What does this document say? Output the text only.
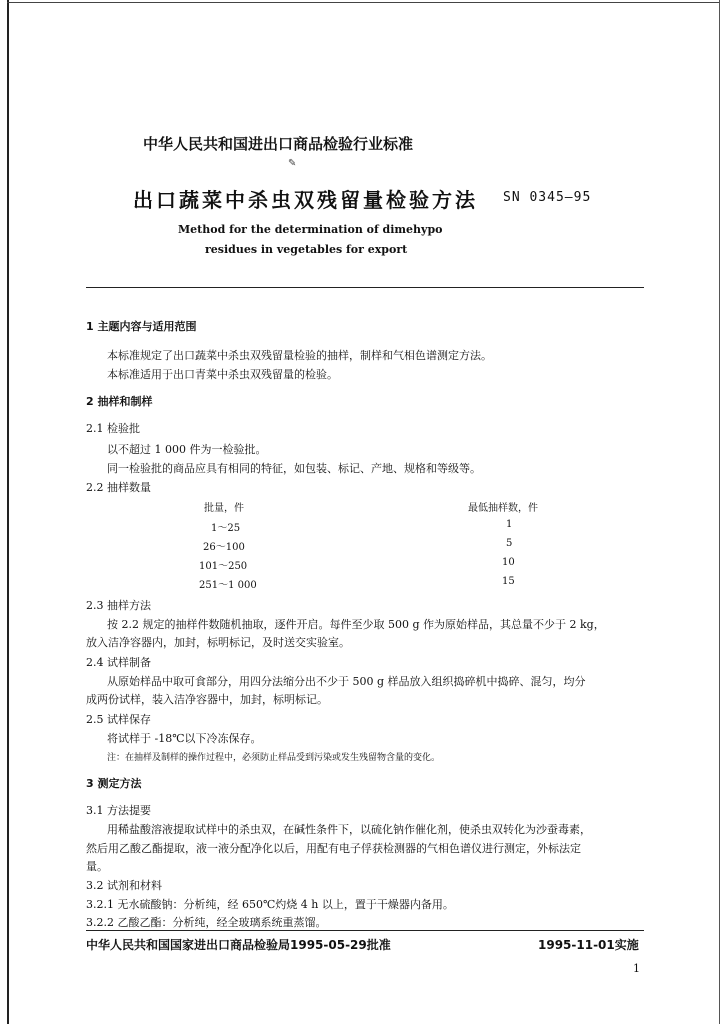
中华人民共和国进出口商品检验行业标准
✎
出口蔬菜中杀虫双残留量检验方法 SN 0345—95
Method for the determination of dimehypo
residues in vegetables for export
1 主题内容与适用范围
本标准规定了出口蔬菜中杀虫双残留量检验的抽样，制样和气相色谱测定方法。
本标准适用于出口青菜中杀虫双残留量的检验。
2 抽样和制样
2.1 检验批
以不超过 1 000 件为一检验批。
同一检验批的商品应具有相同的特征，如包装、标记、产地、规格和等级等。
2.2 抽样数量
2.3 抽样方法
按 2.2 规定的抽样件数随机抽取，逐件开启。每件至少取 500 g 作为原始样品，其总量不少于 2 kg，
放入洁净容器内，加封，标明标记，及时送交实验室。
2.4 试样制备
从原始样品中取可食部分，用四分法缩分出不少于 500 g 样品放入组织捣碎机中捣碎、混匀，均分
成两份试样，装入洁净容器中，加封，标明标记。
2.5 试样保存
将试样于 -18℃以下冷冻保存。
注：在抽样及制样的操作过程中，必须防止样品受到污染或发生残留物含量的变化。
3 测定方法
3.1 方法提要
用稀盐酸溶液提取试样中的杀虫双，在碱性条件下，以硫化钠作催化剂，使杀虫双转化为沙蚕毒素，
然后用乙酸乙酯提取，液一液分配净化以后，用配有电子俘获检测器的气相色谱仪进行测定，外标法定
量。
3.2 试剂和材料
3.2.1 无水硫酸钠：分析纯，经 650℃灼烧 4 h 以上，置于干燥器内备用。
3.2.2 乙酸乙酯：分析纯，经全玻璃系统重蒸馏。
批量，件	最低抽样数，件
1～25	1
26～100	5
101～250	10
251～1 000	15
中华人民共和国国家进出口商品检验局1995-05-29批准	1995-11-01实施
1
